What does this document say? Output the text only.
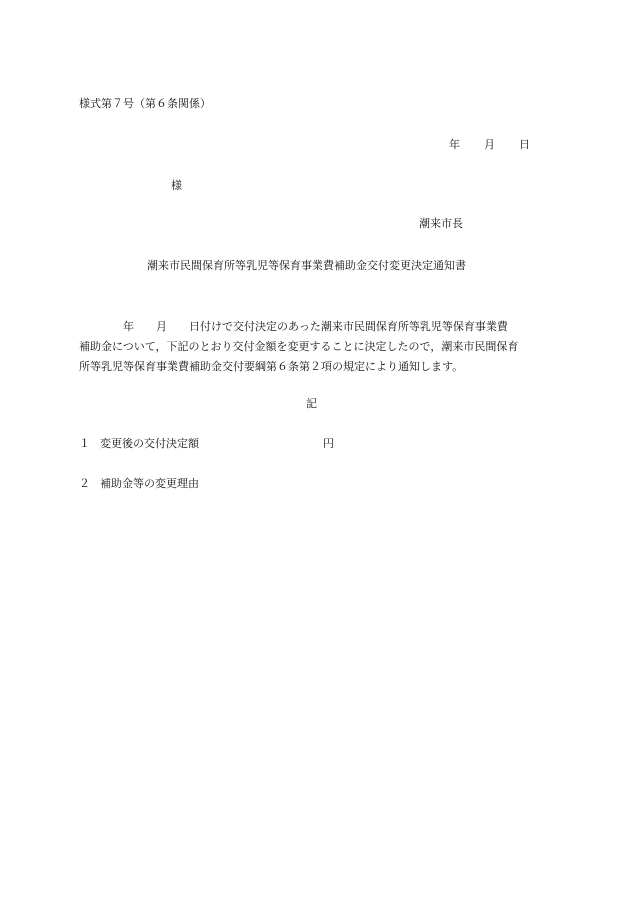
様式第７号（第６条関係）
年 月 日
様
潮来市長
潮来市民間保育所等乳児等保育事業費補助金交付変更決定通知書
　　　　年　　月　　日付けで交付決定のあった潮来市民間保育所等乳児等保育事業費
補助金について，下記のとおり交付金額を変更することに決定したので，潮来市民間保育
所等乳児等保育事業費補助金交付要綱第６条第２項の規定により通知します。
記
１ 変更後の交付決定額	円
２ 補助金等の変更理由
